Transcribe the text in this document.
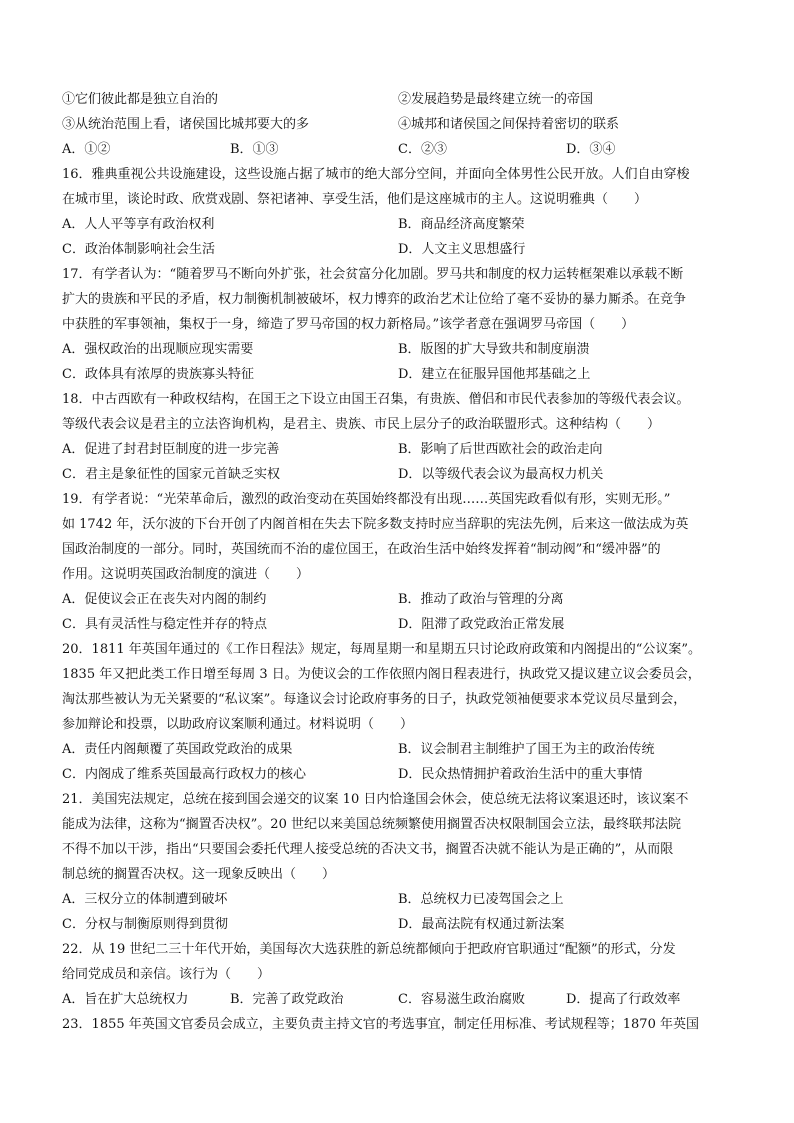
①它们彼此都是独立自治的	②发展趋势是最终建立统一的帝国
③从统治范围上看，诸侯国比城邦要大的多	④城邦和诸侯国之间保持着密切的联系
A．①②	B．①③	C．②③	D．③④
16．雅典重视公共设施建设，这些设施占据了城市的绝大部分空间，并面向全体男性公民开放。人们自由穿梭
在城市里，谈论时政、欣赏戏剧、祭祀诸神、享受生活，他们是这座城市的主人。这说明雅典（　　）
A．人人平等享有政治权利	B．商品经济高度繁荣
C．政治体制影响社会生活	D．人文主义思想盛行
17．有学者认为：“随着罗马不断向外扩张，社会贫富分化加剧。罗马共和制度的权力运转框架难以承载不断
扩大的贵族和平民的矛盾，权力制衡机制被破坏，权力博弈的政治艺术让位给了毫不妥协的暴力厮杀。在竞争
中获胜的军事领袖，集权于一身，缔造了罗马帝国的权力新格局。”该学者意在强调罗马帝国（　　）
A．强权政治的出现顺应现实需要	B．版图的扩大导致共和制度崩溃
C．政体具有浓厚的贵族寡头特征	D．建立在征服异国他邦基础之上
18．中古西欧有一种政权结构，在国王之下设立由国王召集，有贵族、僧侣和市民代表参加的等级代表会议。
等级代表会议是君主的立法咨询机构，是君主、贵族、市民上层分子的政治联盟形式。这种结构（　　）
A．促进了封君封臣制度的进一步完善	B．影响了后世西欧社会的政治走向
C．君主是象征性的国家元首缺乏实权	D．以等级代表会议为最高权力机关
19．有学者说：“光荣革命后，激烈的政治变动在英国始终都没有出现……英国宪政看似有形，实则无形。”
如 1742 年，沃尔波的下台开创了内阁首相在失去下院多数支持时应当辞职的宪法先例，后来这一做法成为英
国政治制度的一部分。同时，英国统而不治的虚位国王，在政治生活中始终发挥着“制动阀”和“缓冲器”的
作用。这说明英国政治制度的演进（　　）
A．促使议会正在丧失对内阁的制约	B．推动了政治与管理的分离
C．具有灵活性与稳定性并存的特点	D．阻滞了政党政治正常发展
20．1811 年英国年通过的《工作日程法》规定，每周星期一和星期五只讨论政府政策和内阁提出的“公议案”。
1835 年又把此类工作日增至每周 3 日。为使议会的工作依照内阁日程表进行，执政党又提议建立议会委员会，
淘汰那些被认为无关紧要的“私议案”。每逢议会讨论政府事务的日子，执政党领袖便要求本党议员尽量到会，
参加辩论和投票，以助政府议案顺利通过。材料说明（　　）
A．责任内阁颠覆了英国政党政治的成果	B．议会制君主制维护了国王为主的政治传统
C．内阁成了维系英国最高行政权力的核心	D．民众热情拥护着政治生活中的重大事情
21．美国宪法规定，总统在接到国会递交的议案 10 日内恰逢国会休会，使总统无法将议案退还时，该议案不
能成为法律，这称为“搁置否决权”。20 世纪以来美国总统频繁使用搁置否决权限制国会立法，最终联邦法院
不得不加以干涉，指出“只要国会委托代理人接受总统的否决文书，搁置否决就不能认为是正确的”，从而限
制总统的搁置否决权。这一现象反映出（　　）
A．三权分立的体制遭到破坏	B．总统权力已凌驾国会之上
C．分权与制衡原则得到贯彻	D．最高法院有权通过新法案
22．从 19 世纪二三十年代开始，美国每次大选获胜的新总统都倾向于把政府官职通过“配额”的形式，分发
给同党成员和亲信。该行为（　　）
A．旨在扩大总统权力	B．完善了政党政治	C．容易滋生政治腐败	D．提高了行政效率
23．1855 年英国文官委员会成立，主要负责主持文官的考选事宜，制定任用标准、考试规程等；1870 年英国
